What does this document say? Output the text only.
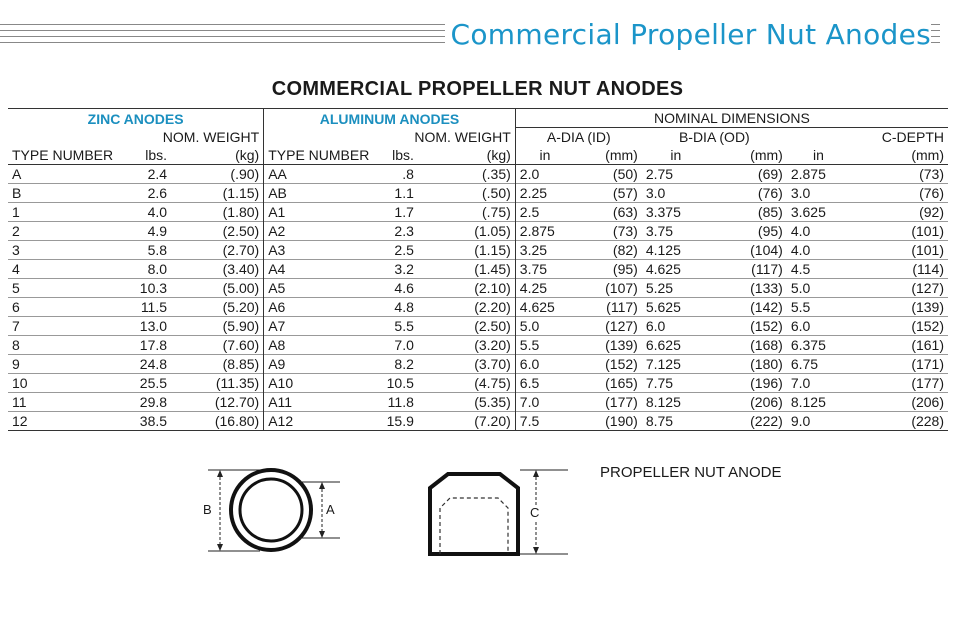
Commercial Propeller Nut Anodes
COMMERCIAL PROPELLER NUT ANODES
ZINC ANODES			ALUMINUM ANODES			NOMINAL DIMENSIONS					
	NOM. WEIGHT			NOM. WEIGHT		A-DIA (ID)		B-DIA (OD)			C-DEPTH
TYPE NUMBER	lbs.	(kg)	TYPE NUMBER	lbs.	(kg)	in	(mm)	in	(mm)	in	(mm)
A	2.4	(.90)	AA	.8	(.35)	2.0	(50)	2.75	(69)	2.875	(73)
B	2.6	(1.15)	AB	1.1	(.50)	2.25	(57)	3.0	(76)	3.0	(76)
1	4.0	(1.80)	A1	1.7	(.75)	2.5	(63)	3.375	(85)	3.625	(92)
2	4.9	(2.50)	A2	2.3	(1.05)	2.875	(73)	3.75	(95)	4.0	(101)
3	5.8	(2.70)	A3	2.5	(1.15)	3.25	(82)	4.125	(104)	4.0	(101)
4	8.0	(3.40)	A4	3.2	(1.45)	3.75	(95)	4.625	(117)	4.5	(114)
5	10.3	(5.00)	A5	4.6	(2.10)	4.25	(107)	5.25	(133)	5.0	(127)
6	11.5	(5.20)	A6	4.8	(2.20)	4.625	(117)	5.625	(142)	5.5	(139)
7	13.0	(5.90)	A7	5.5	(2.50)	5.0	(127)	6.0	(152)	6.0	(152)
8	17.8	(7.60)	A8	7.0	(3.20)	5.5	(139)	6.625	(168)	6.375	(161)
9	24.8	(8.85)	A9	8.2	(3.70)	6.0	(152)	7.125	(180)	6.75	(171)
10	25.5	(11.35)	A10	10.5	(4.75)	6.5	(165)	7.75	(196)	7.0	(177)
11	29.8	(12.70)	A11	11.8	(5.35)	7.0	(177)	8.125	(206)	8.125	(206)
12	38.5	(16.80)	A12	15.9	(7.20)	7.5	(190)	8.75	(222)	9.0	(228)
B	A	C
PROPELLER NUT ANODE
